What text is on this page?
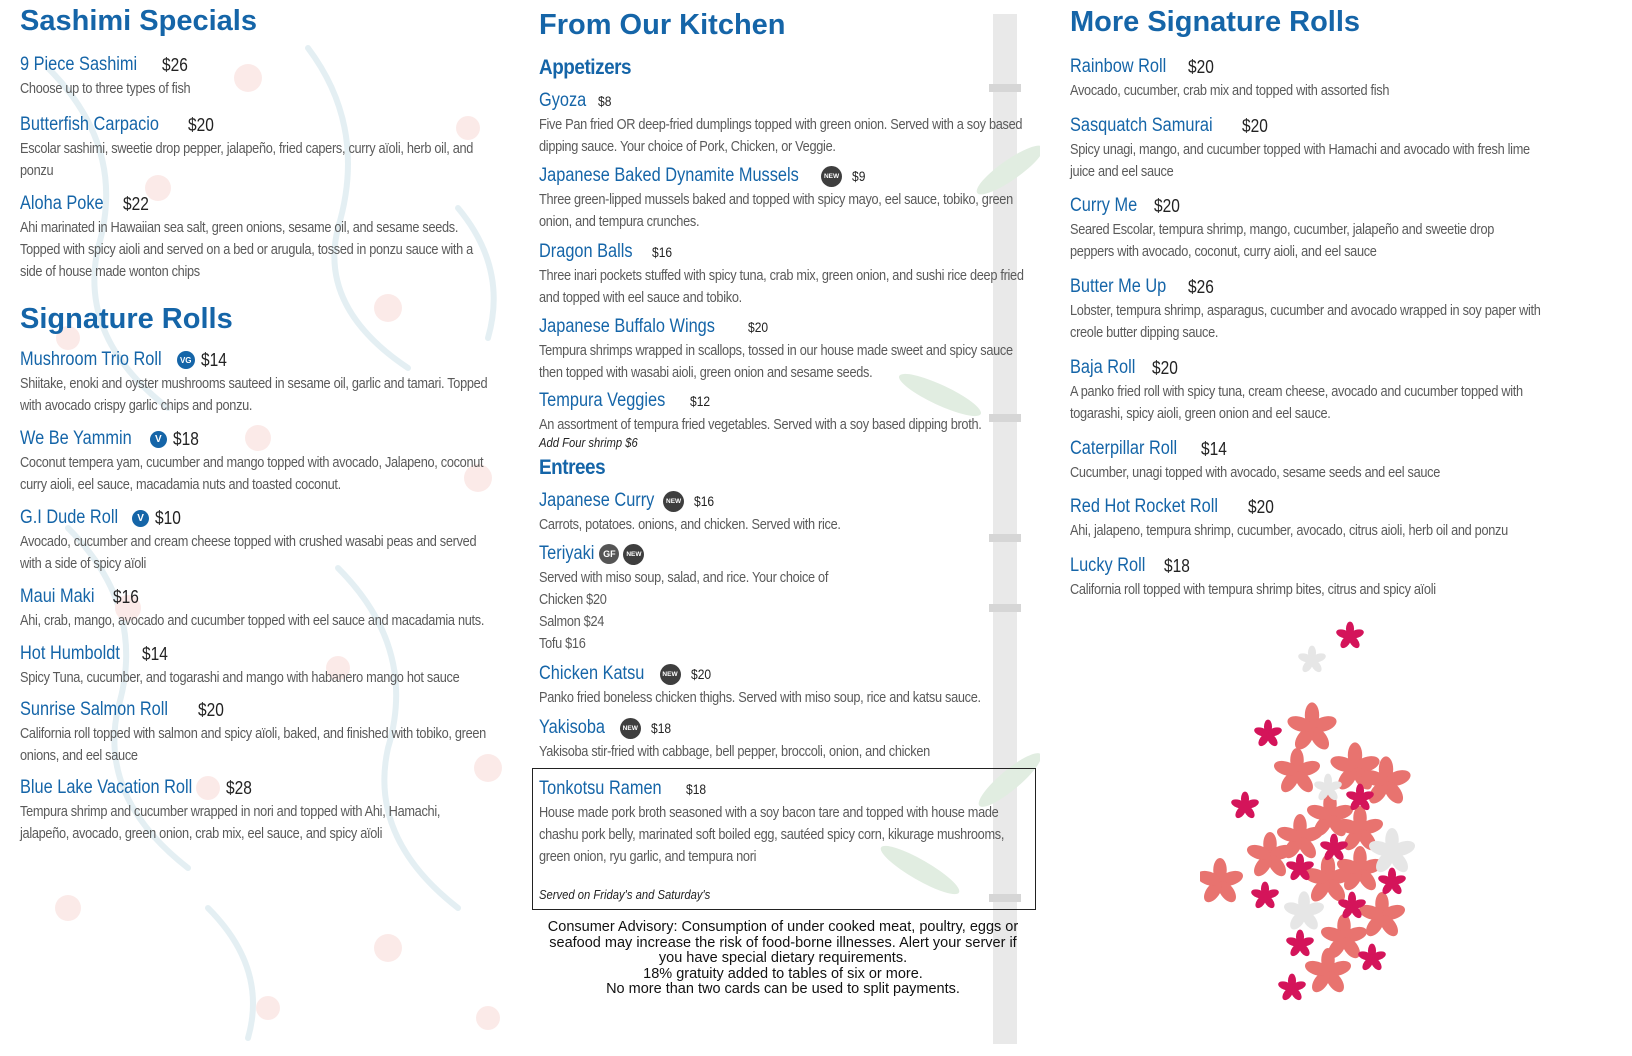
Sashimi Specials
9 Piece Sashimi $26
Choose up to three types of fish
Butterfish Carpacio $20
Escolar sashimi, sweetie drop pepper, jalapeño, fried capers, curry aïoli, herb oil, and ponzu
Aloha Poke $22
Ahi marinated in Hawaiian sea salt, green onions, sesame oil, and sesame seeds. Topped with spicy aioli and served on a bed or arugula, tossed in ponzu sauce with a side of house made wonton chips
Signature Rolls
Mushroom Trio Roll	VG $14
Shiitake, enoki and oyster mushrooms sauteed in sesame oil, garlic and tamari. Topped with avocado crispy garlic chips and ponzu.
We Be Yammin	V $18
Coconut tempera yam, cucumber and mango topped with avocado, Jalapeno, coconut curry aioli, eel sauce, macadamia nuts and toasted coconut.
G.I Dude Roll	V $10
Avocado, cucumber and cream cheese topped with crushed wasabi peas and served with a side of spicy aïoli
Maui Maki $16
Ahi, crab, mango, avocado and cucumber topped with eel sauce and macadamia nuts.
Hot Humboldt $14
Spicy Tuna, cucumber, and togarashi and mango with habanero mango hot sauce
Sunrise Salmon Roll $20
California roll topped with salmon and spicy aïoli, baked, and finished with tobiko, green onions, and eel sauce
Blue Lake Vacation Roll $28
Tempura shrimp and cucumber wrapped in nori and topped with Ahi, Hamachi, jalapeño, avocado, green onion, crab mix, eel sauce, and spicy aïoli
From Our Kitchen
Appetizers
Gyoza $8
Five Pan fried OR deep-fried dumplings topped with green onion. Served with a soy based dipping sauce. Your choice of Pork, Chicken, or Veggie.
Japanese Baked Dynamite Mussels	NEW $9
Three green-lipped mussels baked and topped with spicy mayo, eel sauce, tobiko, green onion, and tempura crunches.
Dragon Balls $16
Three inari pockets stuffed with spicy tuna, crab mix, green onion, and sushi rice deep fried and topped with eel sauce and tobiko.
Japanese Buffalo Wings $20
Tempura shrimps wrapped in scallops, tossed in our house made sweet and spicy sauce then topped with wasabi aioli, green onion and sesame seeds.
Tempura Veggies $12
An assortment of tempura fried vegetables. Served with a soy based dipping broth.
Add Four shrimp $6
Entrees
Japanese Curry	NEW $16
Carrots, potatoes. onions, and chicken. Served with rice.
Teriyaki GF	NEW
Served with miso soup, salad, and rice. Your choice of
Chicken $20
Salmon $24
Tofu $16
Chicken Katsu	NEW $20
Panko fried boneless chicken thighs. Served with miso soup, rice and katsu sauce.
Yakisoba	NEW $18
Yakisoba stir-fried with cabbage, bell pepper, broccoli, onion, and chicken
Tonkotsu Ramen $18
House made pork broth seasoned with a soy bacon tare and topped with house made chashu pork belly, marinated soft boiled egg, sautéed spicy corn, kikurage mushrooms, green onion, ryu garlic, and tempura nori
Served on Friday's and Saturday's
Consumer Advisory: Consumption of under cooked meat, poultry, eggs or
seafood may increase the risk of food-borne illnesses. Alert your server if
you have special dietary requirements.
18% gratuity added to tables of six or more.
No more than two cards can be used to split payments.
More Signature Rolls
Rainbow Roll $20
Avocado, cucumber, crab mix and topped with assorted fish
Sasquatch Samurai $20
Spicy unagi, mango, and cucumber topped with Hamachi and avocado with fresh lime juice and eel sauce
Curry Me $20
Seared Escolar, tempura shrimp, mango, cucumber, jalapeño and sweetie drop peppers with avocado, coconut, curry aioli, and eel sauce
Butter Me Up $26
Lobster, tempura shrimp, asparagus, cucumber and avocado wrapped in soy paper with creole butter dipping sauce.
Baja Roll $20
A panko fried roll with spicy tuna, cream cheese, avocado and cucumber topped with togarashi, spicy aioli, green onion and eel sauce.
Caterpillar Roll $14
Cucumber, unagi topped with avocado, sesame seeds and eel sauce
Red Hot Rocket Roll $20
Ahi, jalapeno, tempura shrimp, cucumber, avocado, citrus aioli, herb oil and ponzu
Lucky Roll $18
California roll topped with tempura shrimp bites, citrus and spicy aïoli
